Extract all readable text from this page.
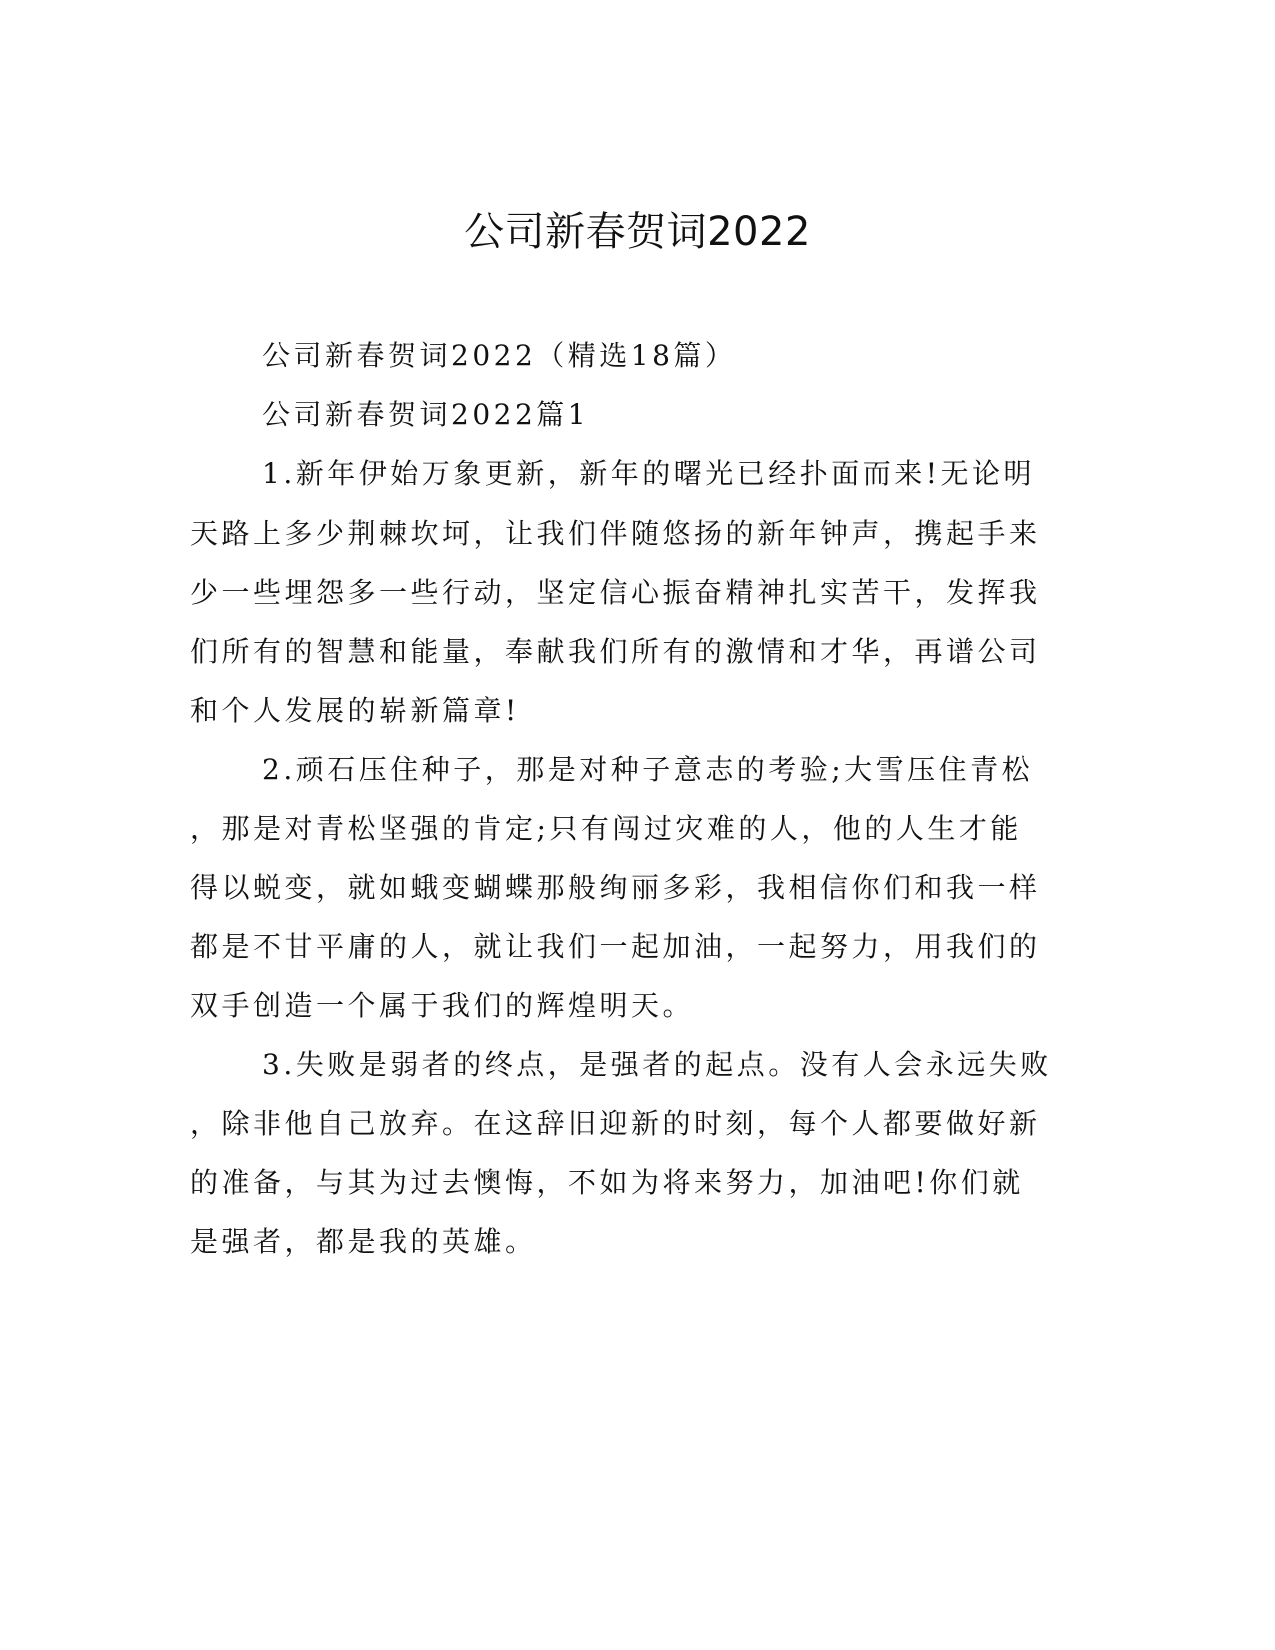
公司新春贺词2022

公司新春贺词2022（精选18篇）

公司新春贺词2022篇1

1.新年伊始万象更新，新年的曙光已经扑面而来!无论明

天路上多少荆棘坎坷，让我们伴随悠扬的新年钟声，携起手来

少一些埋怨多一些行动，坚定信心振奋精神扎实苦干，发挥我

们所有的智慧和能量，奉献我们所有的激情和才华，再谱公司

和个人发展的崭新篇章!

2.顽石压住种子，那是对种子意志的考验;大雪压住青松

，那是对青松坚强的肯定;只有闯过灾难的人，他的人生才能

得以蜕变，就如蛾变蝴蝶那般绚丽多彩，我相信你们和我一样

都是不甘平庸的人，就让我们一起加油，一起努力，用我们的

双手创造一个属于我们的辉煌明天。

3.失败是弱者的终点，是强者的起点。没有人会永远失败

，除非他自己放弃。在这辞旧迎新的时刻，每个人都要做好新

的准备，与其为过去懊悔，不如为将来努力，加油吧!你们就

是强者，都是我的英雄。
